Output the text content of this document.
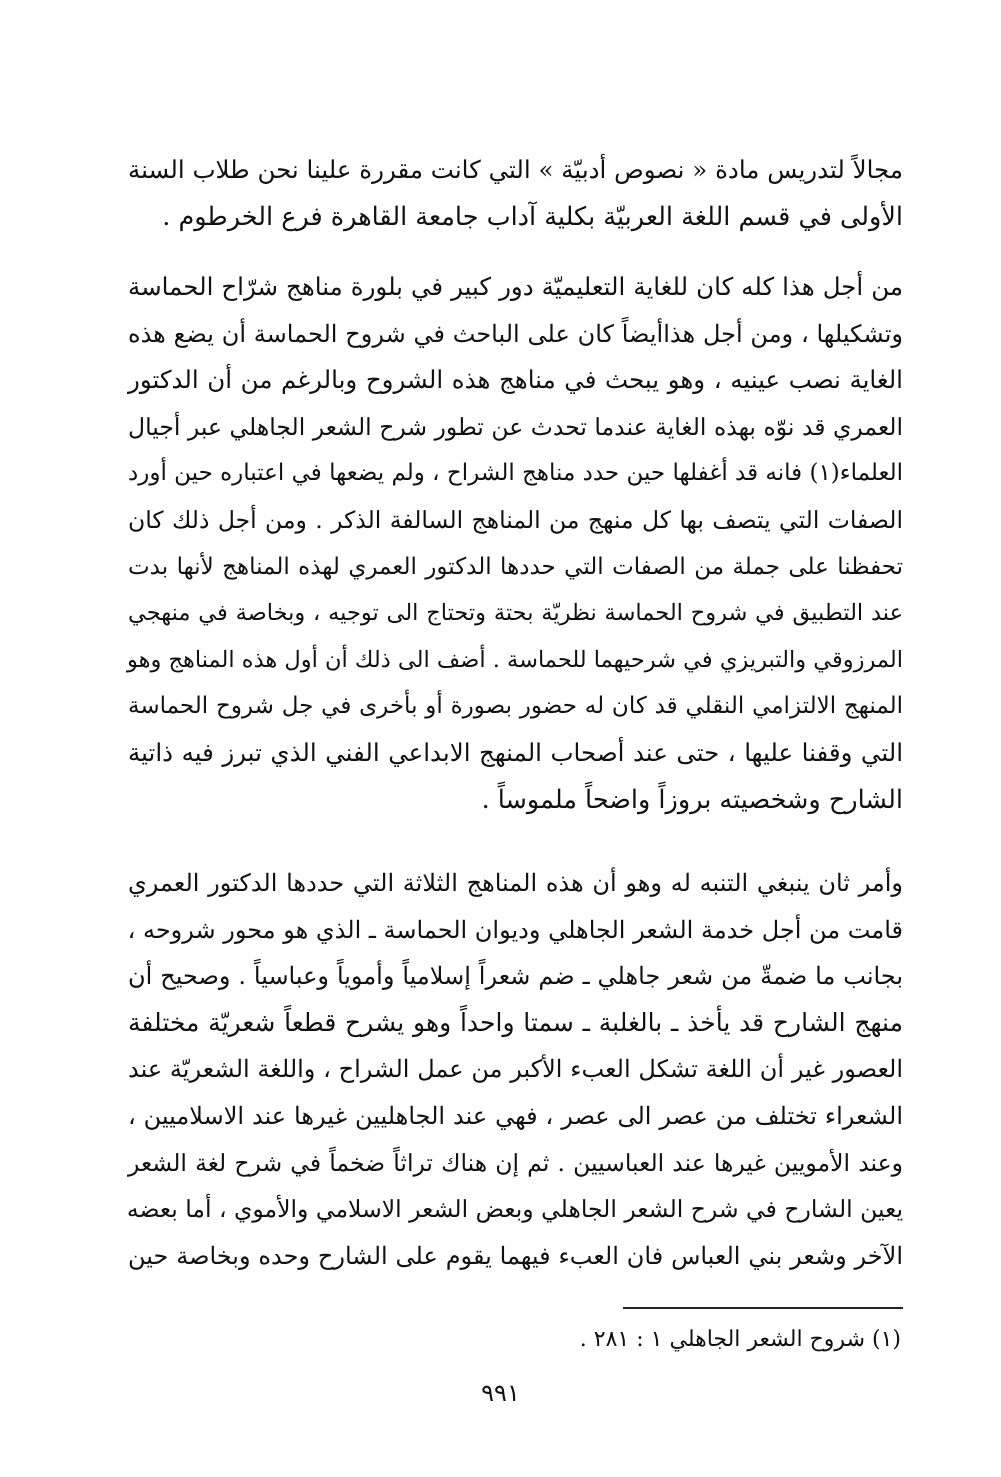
مجالاً لتدريس مادة « نصوص أدبيّة » التي كانت مقررة علينا نحن طلاب السنة
الأولى في قسم اللغة العربيّة بكلية آداب جامعة القاهرة فرع الخرطوم .
من أجل هذا كله كان للغاية التعليميّة دور كبير في بلورة مناهج شرّاح الحماسة
وتشكيلها ، ومن أجل هذاأيضاً كان على الباحث في شروح الحماسة أن يضع هذه
الغاية نصب عينيه ، وهو يبحث في مناهج هذه الشروح وبالرغم من أن الدكتور
العمري قد نوّه بهذه الغاية عندما تحدث عن تطور شرح الشعر الجاهلي عبر أجيال
العلماء(١) فانه قد أغفلها حين حدد مناهج الشراح ، ولم يضعها في اعتباره حين أورد
الصفات التي يتصف بها كل منهج من المناهج السالفة الذكر . ومن أجل ذلك كان
تحفظنا على جملة من الصفات التي حددها الدكتور العمري لهذه المناهج لأنها بدت
عند التطبيق في شروح الحماسة نظريّة بحتة وتحتاج الى توجيه ، وبخاصة في منهجي
المرزوقي والتبريزي في شرحيهما للحماسة . أضف الى ذلك أن أول هذه المناهج وهو
المنهج الالتزامي النقلي قد كان له حضور بصورة أو بأخرى في جل شروح الحماسة
التي وقفنا عليها ، حتى عند أصحاب المنهج الابداعي الفني الذي تبرز فيه ذاتية
الشارح وشخصيته بروزاً واضحاً ملموساً .
وأمر ثان ينبغي التنبه له وهو أن هذه المناهج الثلاثة التي حددها الدكتور العمري
قامت من أجل خدمة الشعر الجاهلي وديوان الحماسة ـ الذي هو محور شروحه ،
بجانب ما ضمةّ من شعر جاهلي ـ ضم شعراً إسلامياً وأموياً وعباسياً . وصحيح أن
منهج الشارح قد يأخذ ـ بالغلبة ـ سمتا واحداً وهو يشرح قطعاً شعريّة مختلفة
العصور غير أن اللغة تشكل العبء الأكبر من عمل الشراح ، واللغة الشعريّة عند
الشعراء تختلف من عصر الى عصر ، فهي عند الجاهليين غيرها عند الاسلاميين ،
وعند الأمويين غيرها عند العباسيين . ثم إن هناك تراثاً ضخماً في شرح لغة الشعر
يعين الشارح في شرح الشعر الجاهلي وبعض الشعر الاسلامي والأموي ، أما بعضه
الآخر وشعر بني العباس فان العبء فيهما يقوم على الشارح وحده وبخاصة حين
(١) شروح الشعر الجاهلي ١ : ٢٨١ .
٩٩١
